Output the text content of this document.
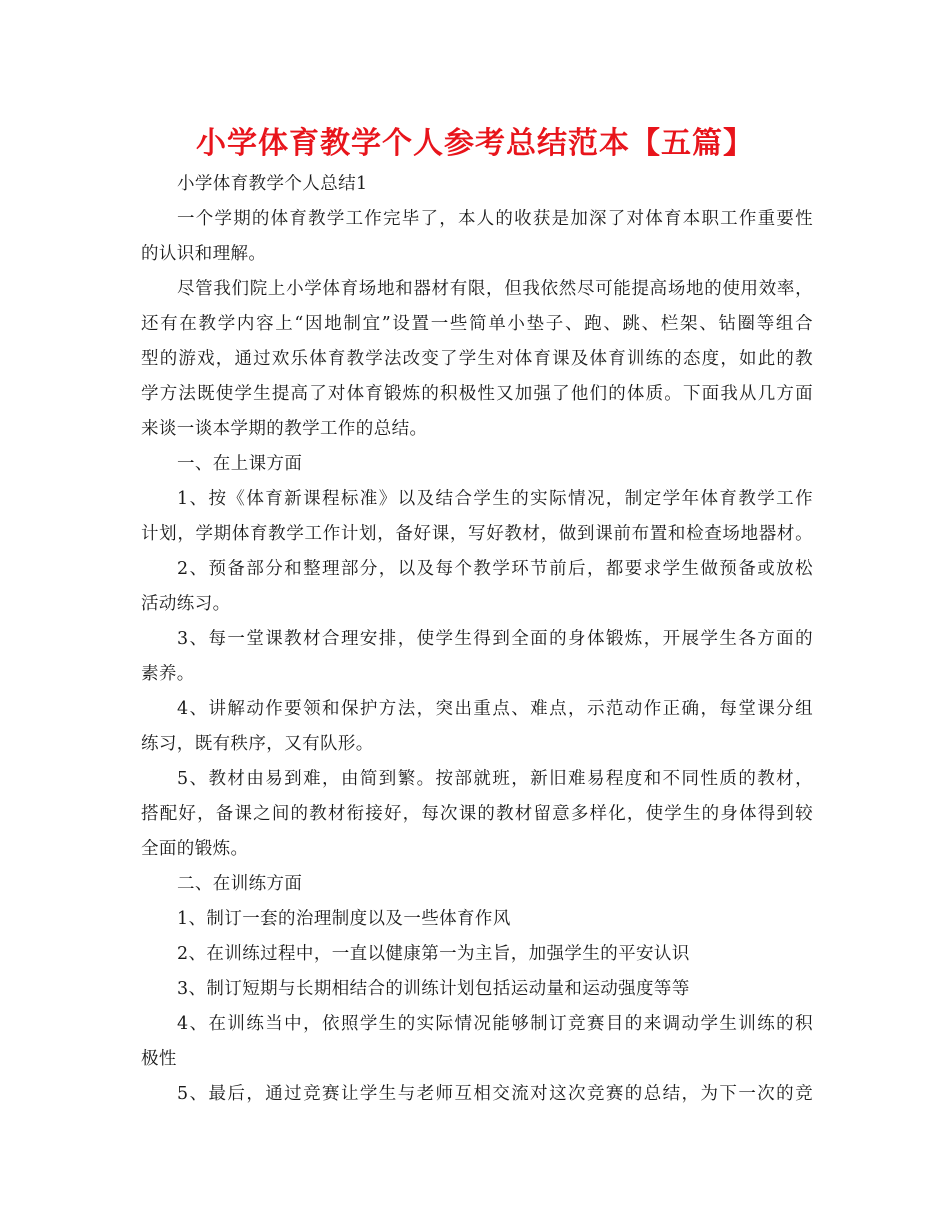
小学体育教学个人参考总结范本【五篇】
小学体育教学个人总结1
一个学期的体育教学工作完毕了，本人的收获是加深了对体育本职工作重要性
的认识和理解。
尽管我们院上小学体育场地和器材有限，但我依然尽可能提高场地的使用效率，
还有在教学内容上“因地制宜”设置一些简单小垫子、跑、跳、栏架、钻圈等组合
型的游戏，通过欢乐体育教学法改变了学生对体育课及体育训练的态度，如此的教
学方法既使学生提高了对体育锻炼的积极性又加强了他们的体质。下面我从几方面
来谈一谈本学期的教学工作的总结。
一、在上课方面
1、按《体育新课程标准》以及结合学生的实际情况，制定学年体育教学工作
计划，学期体育教学工作计划，备好课，写好教材，做到课前布置和检查场地器材。
2、预备部分和整理部分，以及每个教学环节前后，都要求学生做预备或放松
活动练习。
3、每一堂课教材合理安排，使学生得到全面的身体锻炼，开展学生各方面的
素养。
4、讲解动作要领和保护方法，突出重点、难点，示范动作正确，每堂课分组
练习，既有秩序，又有队形。
5、教材由易到难，由简到繁。按部就班，新旧难易程度和不同性质的教材，
搭配好，备课之间的教材衔接好，每次课的教材留意多样化，使学生的身体得到较
全面的锻炼。
二、在训练方面
1、制订一套的治理制度以及一些体育作风
2、在训练过程中，一直以健康第一为主旨，加强学生的平安认识
3、制订短期与长期相结合的训练计划包括运动量和运动强度等等
4、在训练当中，依照学生的实际情况能够制订竞赛目的来调动学生训练的积
极性
5、最后，通过竞赛让学生与老师互相交流对这次竞赛的总结，为下一次的竞
